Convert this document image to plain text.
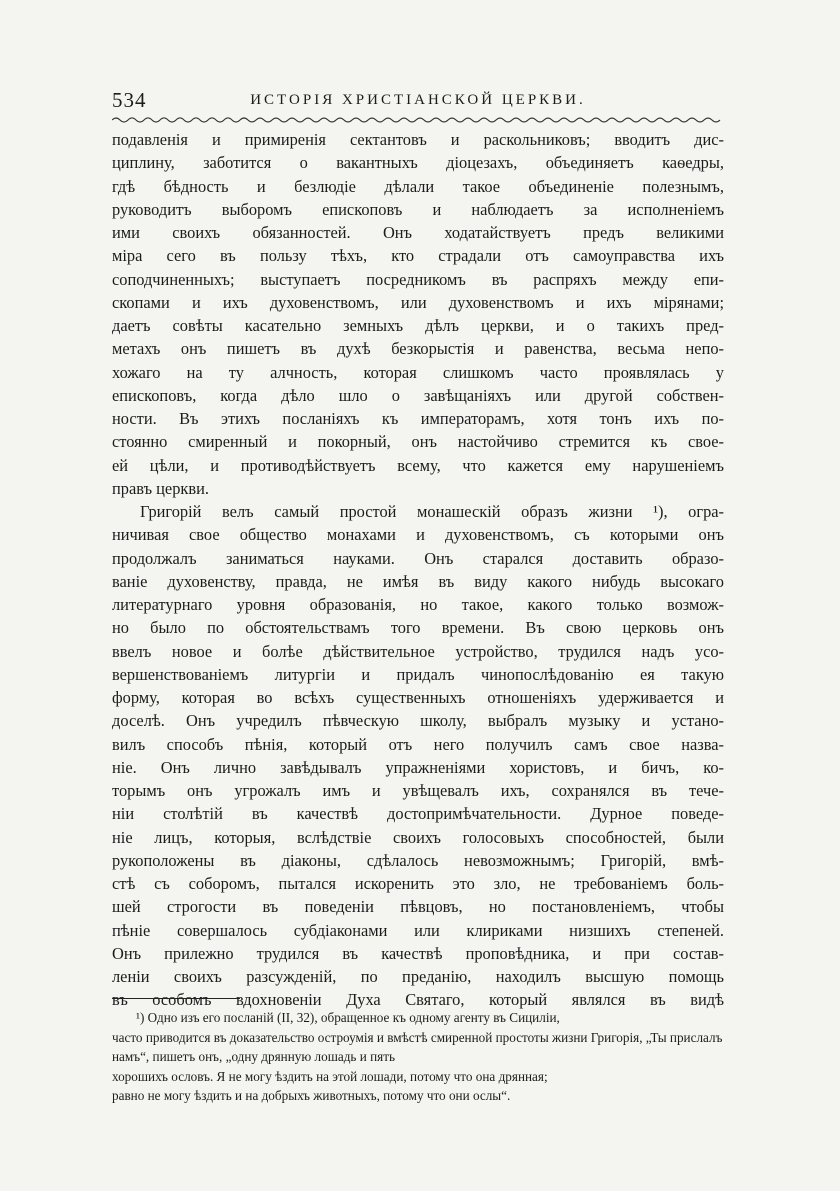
534	ИСТОРІЯ ХРИСТІАНСКОЙ ЦЕРКВИ.
подавленія и примиренія сектантовъ и раскольниковъ; вводитъ дис-
циплину, заботится о вакантныхъ діоцезахъ, объединяетъ каѳедры,
гдѣ бѣдность и безлюдіе дѣлали такое объединеніе полезнымъ,
руководитъ выборомъ епископовъ и наблюдаетъ за исполненіемъ
ими своихъ обязанностей. Онъ ходатайствуетъ предъ великими
міра сего въ пользу тѣхъ, кто страдали отъ самоуправства ихъ
соподчиненныхъ; выступаетъ посредникомъ въ распряхъ между епи-
скопами и ихъ духовенствомъ, или духовенствомъ и ихъ мірянами;
даетъ совѣты касательно земныхъ дѣлъ церкви, и о такихъ пред-
метахъ онъ пишетъ въ духѣ безкорыстія и равенства, весьма непо-
хожаго на ту алчность, которая слишкомъ часто проявлялась у
епископовъ, когда дѣло шло о завѣщаніяхъ или другой собствен-
ности. Въ этихъ посланіяхъ къ императорамъ, хотя тонъ ихъ по-
стоянно смиренный и покорный, онъ настойчиво стремится къ свое-
ей цѣли, и противодѣйствуетъ всему, что кажется ему нарушеніемъ
правъ церкви.
Григорій велъ самый простой монашескій образъ жизни ¹), огра-
ничивая свое общество монахами и духовенствомъ, съ которыми онъ
продолжалъ заниматься науками. Онъ старался доставить образо-
ваніе духовенству, правда, не имѣя въ виду какого нибудь высокаго
литературнаго уровня образованія, но такое, какого только возмож-
но было по обстоятельствамъ того времени. Въ свою церковь онъ
ввелъ новое и болѣе дѣйствительное устройство, трудился надъ усо-
вершенствованіемъ литургіи и придалъ чинопослѣдованію ея такую
форму, которая во всѣхъ существенныхъ отношеніяхъ удерживается и
доселѣ. Онъ учредилъ пѣвческую школу, выбралъ музыку и устано-
вилъ способъ пѣнія, который отъ него получилъ самъ свое назва-
ніе. Онъ лично завѣдывалъ упражненіями хористовъ, и бичъ, ко-
торымъ онъ угрожалъ имъ и увѣщевалъ ихъ, сохранялся въ тече-
ніи столѣтій въ качествѣ достопримѣчательности. Дурное поведе-
ніе лицъ, которыя, вслѣдствіе своихъ голосовыхъ способностей, были
рукоположены въ діаконы, сдѣлалось невозможнымъ; Григорій, вмѣ-
стѣ съ соборомъ, пытался искоренить это зло, не требованіемъ боль-
шей строгости въ поведеніи пѣвцовъ, но постановленіемъ, чтобы
пѣніе совершалось субдіаконами или клириками низшихъ степеней.
Онъ прилежно трудился въ качествѣ проповѣдника, и при состав-
леніи своихъ разсужденій, по преданію, находилъ высшую помощь
въ особомъ вдохновеніи Духа Святаго, который являлся въ видѣ
¹) Одно изъ его посланій (II, 32), обращенное къ одному агенту въ Сициліи,
часто приводится въ доказательство остроумія и вмѣстѣ смиренной простоты жизни Григорія, „Ты прислалъ намъ“, пишетъ онъ, „одну дрянную лошадь и пять
хорошихъ ословъ. Я не могу ѣздить на этой лошади, потому что она дрянная;
равно не могу ѣздить и на добрыхъ животныхъ, потому что они ослы“.
